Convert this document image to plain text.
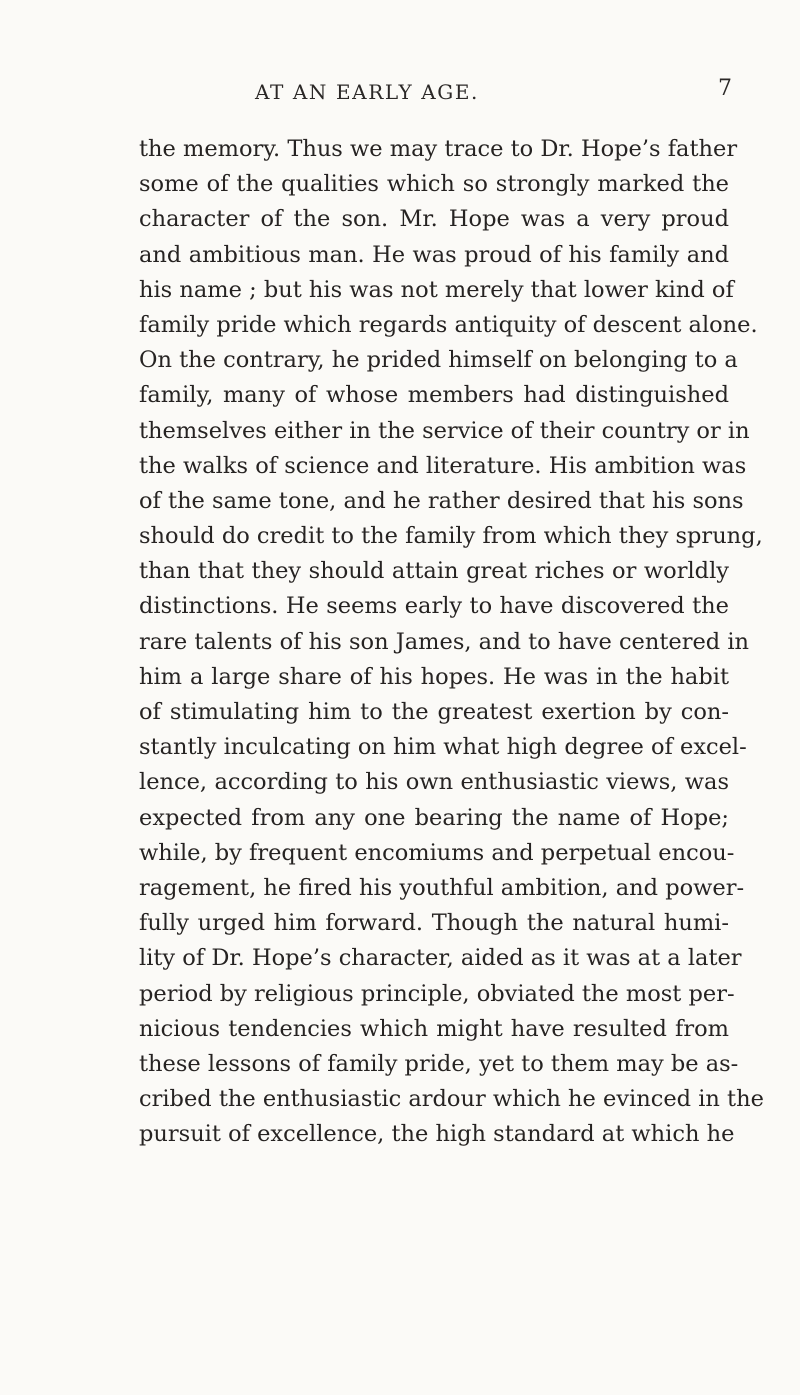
AT AN EARLY AGE.	7
the memory. Thus we may trace to Dr. Hope’s father
some of the qualities which so strongly marked the
character of the son. Mr. Hope was a very proud
and ambitious man. He was proud of his family and
his name ; but his was not merely that lower kind of
family pride which regards antiquity of descent alone.
On the contrary, he prided himself on belonging to a
family, many of whose members had distinguished
themselves either in the service of their country or in
the walks of science and literature. His ambition was
of the same tone, and he rather desired that his sons
should do credit to the family from which they sprung,
than that they should attain great riches or worldly
distinctions. He seems early to have discovered the
rare talents of his son James, and to have centered in
him a large share of his hopes. He was in the habit
of stimulating him to the greatest exertion by con-
stantly inculcating on him what high degree of excel-
lence, according to his own enthusiastic views, was
expected from any one bearing the name of Hope;
while, by frequent encomiums and perpetual encou-
ragement, he fired his youthful ambition, and power-
fully urged him forward. Though the natural humi-
lity of Dr. Hope’s character, aided as it was at a later
period by religious principle, obviated the most per-
nicious tendencies which might have resulted from
these lessons of family pride, yet to them may be as-
cribed the enthusiastic ardour which he evinced in the
pursuit of excellence, the high standard at which he
